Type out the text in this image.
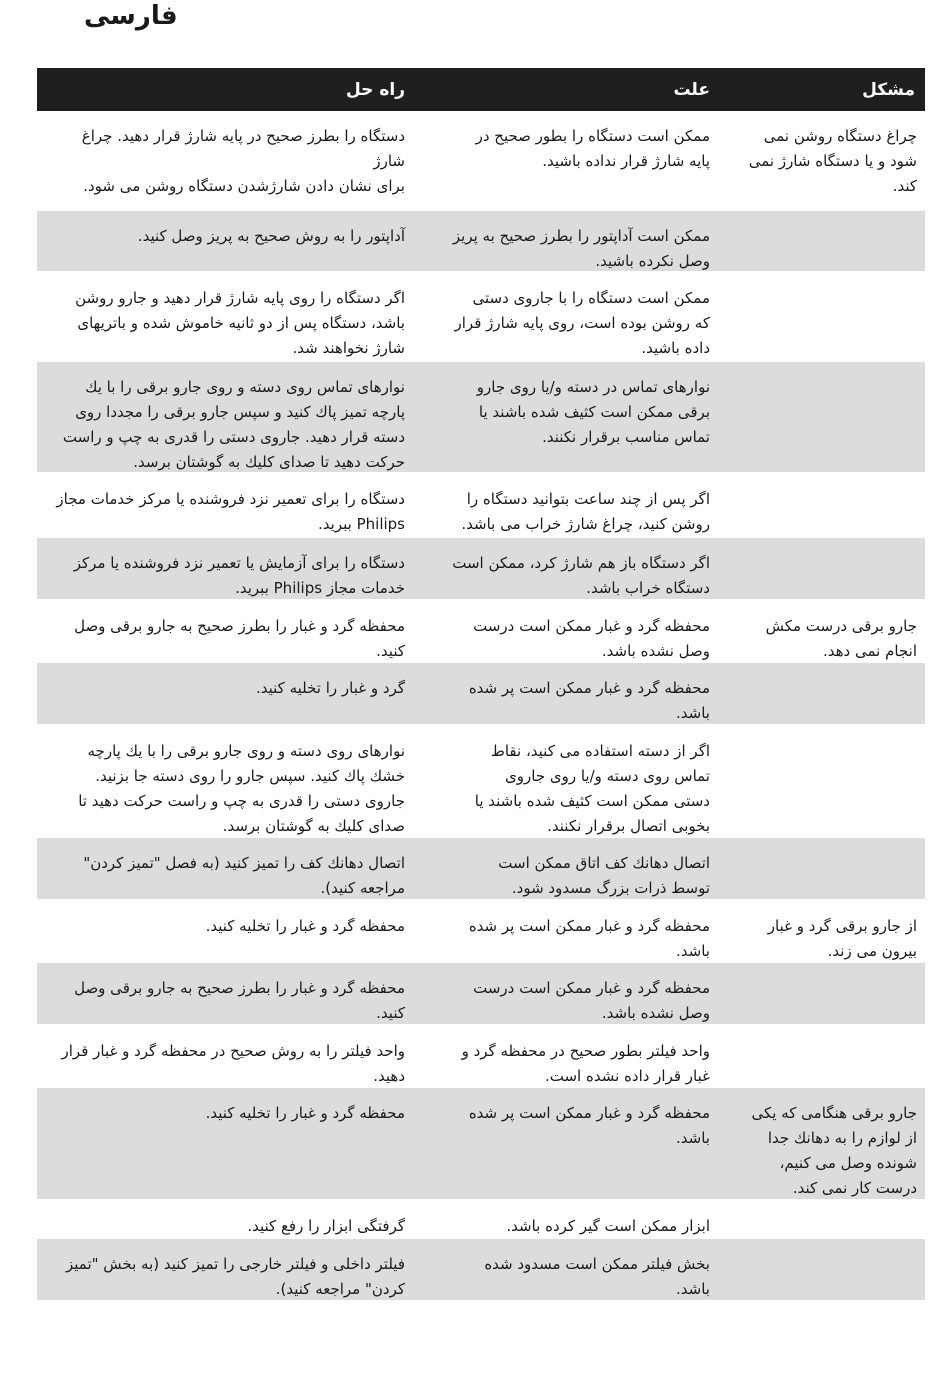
فارسی
مشکل
علت
راه حل
چراغ دستگاه روشن نمی
شود و یا دستگاه شارژ نمی
کند.
ممکن است دستگاه را بطور صحیح در
پایه شارژ قرار نداده باشید.
دستگاه را بطرز صحیح در پایه شارژ قرار دهید. چراغ شارژ
برای نشان دادن شارژشدن دستگاه روشن می شود.
ممکن است آداپتور را بطرز صحیح به پریز
وصل نکرده باشید.
آداپتور را به روش صحیح به پریز وصل کنید.
ممکن است دستگاه را با جاروی دستی
که روشن بوده است، روی پایه شارژ قرار
داده باشید.
اگر دستگاه را روی پایه شارژ قرار دهید و جارو روشن
باشد، دستگاه پس از دو ثانیه خاموش شده و باتریهای
شارژ نخواهند شد.
نوارهای تماس در دسته و/یا روی جارو
برقی ممکن است کثیف شده باشند یا
تماس مناسب برقرار نکنند.
نوارهای تماس روی دسته و روی جارو برقی را با یك
پارچه تمیز پاك کنید و سپس جارو برقی را مجددا روی
دسته قرار دهید. جاروی دستی را قدری به چپ و راست
حرکت دهید تا صدای کلیك به گوشتان برسد.
اگر پس از چند ساعت بتوانید دستگاه را
روشن کنید، چراغ شارژ خراب می باشد.
دستگاه را برای تعمیر نزد فروشنده یا مرکز خدمات مجاز
Philips ببرید.
اگر دستگاه باز هم شارژ کرد، ممکن است
دستگاه خراب باشد.
دستگاه را برای آزمایش یا تعمیر نزد فروشنده یا مرکز
خدمات مجاز Philips ببرید.
جارو برقی درست مکش
انجام نمی دهد.
محفظه گرد و غبار ممکن است درست
وصل نشده باشد.
محفظه گرد و غبار را بطرز صحیح به جارو برقی وصل
کنید.
محفظه گرد و غبار ممکن است پر شده
باشد.
گرد و غبار را تخلیه کنید.
اگر از دسته استفاده می کنید، نقاط
تماس روی دسته و/یا روی جاروی
دستی ممکن است کثیف شده باشند یا
بخوبی اتصال برقرار نکنند.
نوارهای روی دسته و روی جارو برقی را با یك پارچه
خشك پاك کنید. سپس جارو را روی دسته جا بزنید.
جاروی دستی را قدری به چپ و راست حرکت دهید تا
صدای کلیك به گوشتان برسد.
اتصال دهانك کف اتاق ممکن است
توسط ذرات بزرگ مسدود شود.
اتصال دهانك کف را تمیز کنید (به فصل "تمیز کردن"
مراجعه کنید).
از جارو برقی گرد و غبار
بیرون می زند.
محفظه گرد و غبار ممکن است پر شده
باشد.
محفظه گرد و غبار را تخلیه کنید.
محفظه گرد و غبار ممکن است درست
وصل نشده باشد.
محفظه گرد و غبار را بطرز صحیح به جارو برقی وصل
کنید.
واحد فیلتر بطور صحیح در محفظه گرد و
غبار قرار داده نشده است.
واحد فیلتر را به روش صحیح در محفظه گرد و غبار قرار
دهید.
جارو برقی هنگامی که یکی
از لوازم را به دهانك جدا
شونده وصل می کنیم،
درست کار نمی کند.
محفظه گرد و غبار ممکن است پر شده
باشد.
محفظه گرد و غبار را تخلیه کنید.
ابزار ممکن است گیر کرده باشد.
گرفتگی ابزار را رفع کنید.
بخش فیلتر ممکن است مسدود شده
باشد.
فیلتر داخلی و فیلتر خارجی را تمیز کنید (به بخش "تمیز
کردن" مراجعه کنید).
